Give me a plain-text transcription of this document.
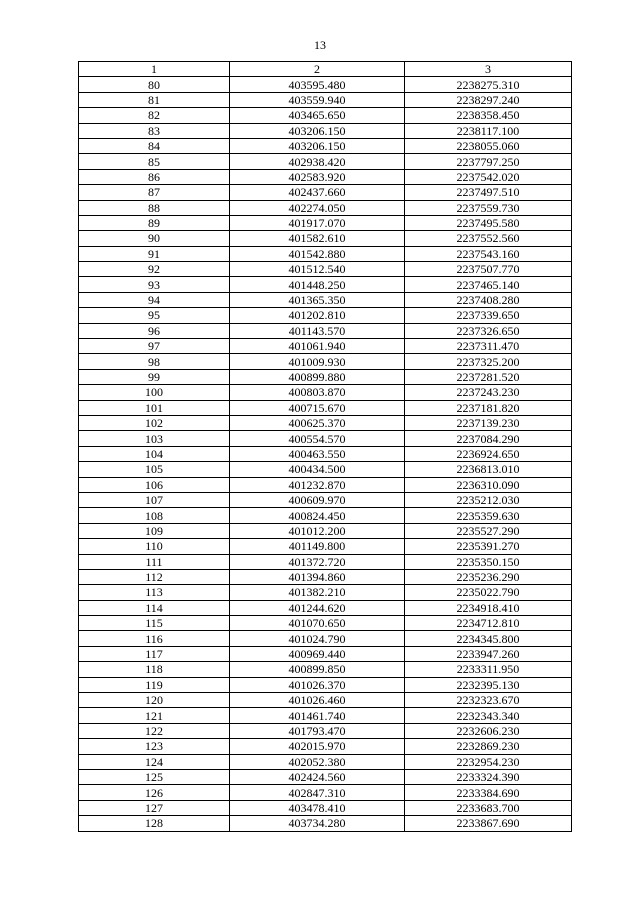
13
1	2	3
80	403595.480	2238275.310
81	403559.940	2238297.240
82	403465.650	2238358.450
83	403206.150	2238117.100
84	403206.150	2238055.060
85	402938.420	2237797.250
86	402583.920	2237542.020
87	402437.660	2237497.510
88	402274.050	2237559.730
89	401917.070	2237495.580
90	401582.610	2237552.560
91	401542.880	2237543.160
92	401512.540	2237507.770
93	401448.250	2237465.140
94	401365.350	2237408.280
95	401202.810	2237339.650
96	401143.570	2237326.650
97	401061.940	2237311.470
98	401009.930	2237325.200
99	400899.880	2237281.520
100	400803.870	2237243.230
101	400715.670	2237181.820
102	400625.370	2237139.230
103	400554.570	2237084.290
104	400463.550	2236924.650
105	400434.500	2236813.010
106	401232.870	2236310.090
107	400609.970	2235212.030
108	400824.450	2235359.630
109	401012.200	2235527.290
110	401149.800	2235391.270
111	401372.720	2235350.150
112	401394.860	2235236.290
113	401382.210	2235022.790
114	401244.620	2234918.410
115	401070.650	2234712.810
116	401024.790	2234345.800
117	400969.440	2233947.260
118	400899.850	2233311.950
119	401026.370	2232395.130
120	401026.460	2232323.670
121	401461.740	2232343.340
122	401793.470	2232606.230
123	402015.970	2232869.230
124	402052.380	2232954.230
125	402424.560	2233324.390
126	402847.310	2233384.690
127	403478.410	2233683.700
128	403734.280	2233867.690
